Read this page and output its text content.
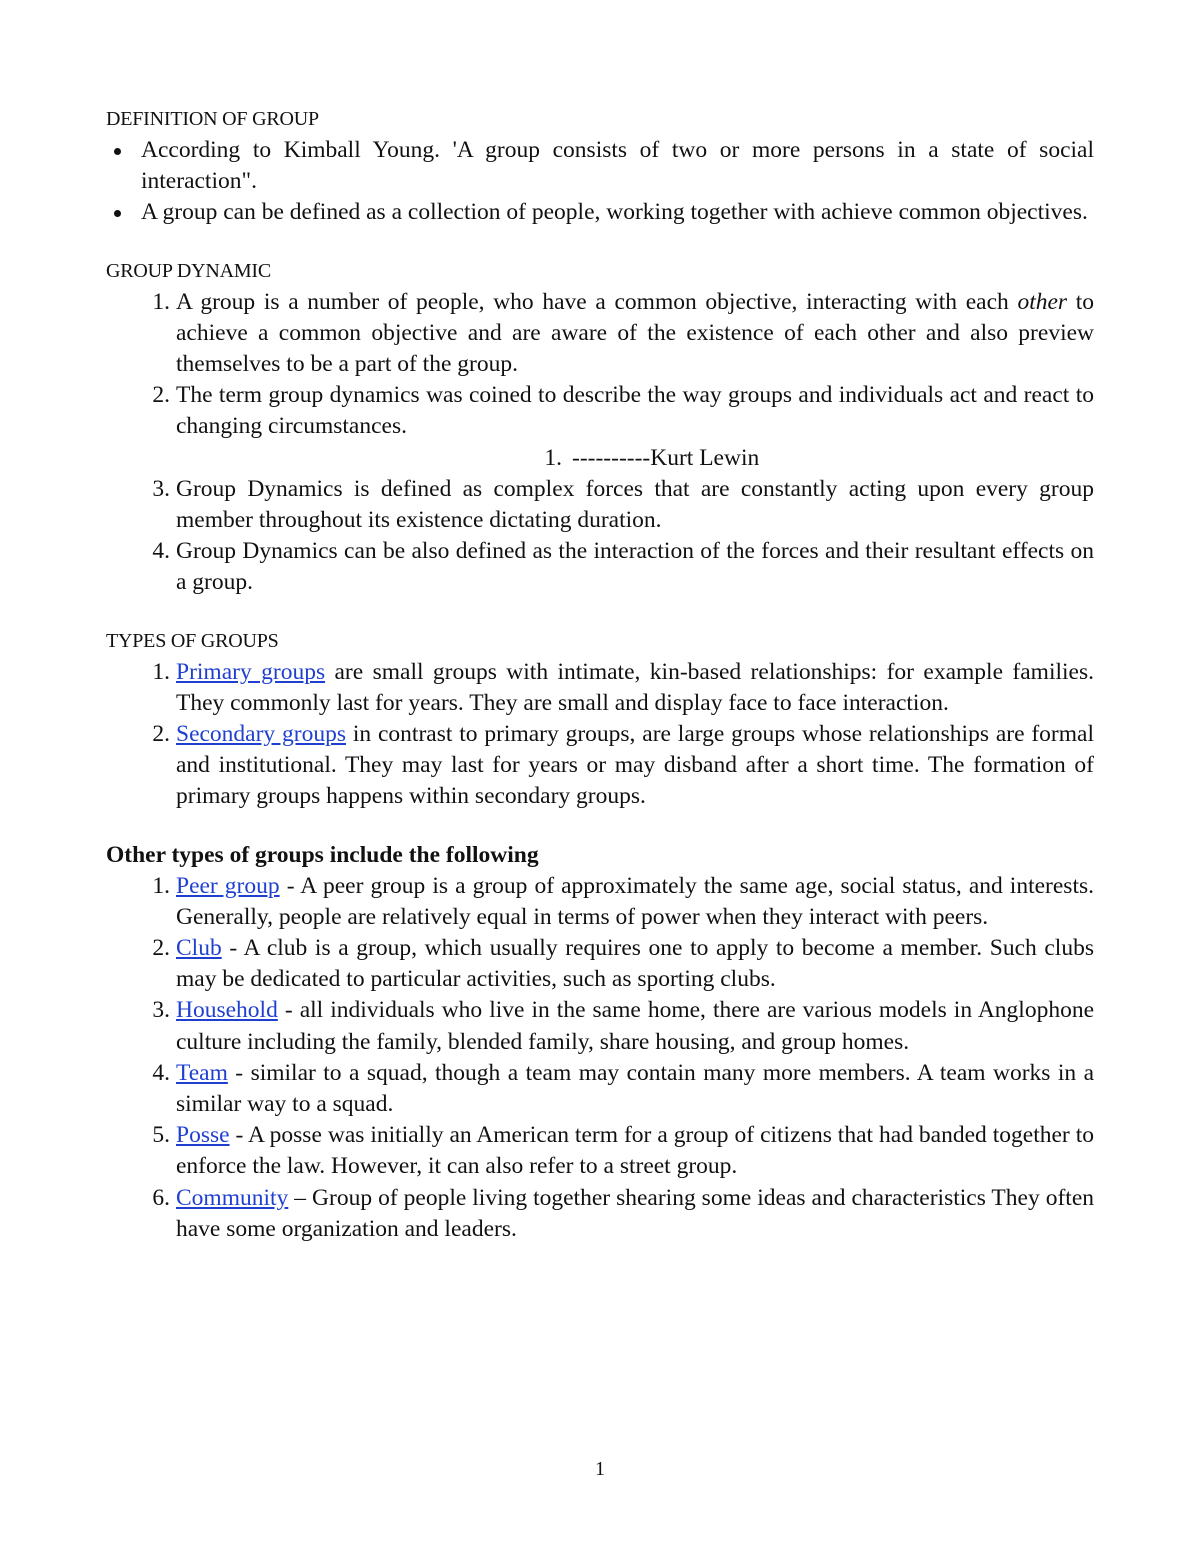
DEFINITION OF GROUP

According to Kimball Young. 'A group consists of two or more persons in a state of social interaction".
A group can be defined as a collection of people, working together with achieve common objectives.

GROUP DYNAMIC

1. A group is a number of people, who have a common objective, interacting with each other to achieve a common objective and are aware of the existence of each other and also preview themselves to be a part of the group.
2. The term group dynamics was coined to describe the way groups and individuals act and react to changing circumstances.
1. ----------Kurt Lewin
3. Group Dynamics is defined as complex forces that are constantly acting upon every group member throughout its existence dictating duration.
4. Group Dynamics can be also defined as the interaction of the forces and their resultant effects on a group.

TYPES OF GROUPS

1. Primary groups are small groups with intimate, kin-based relationships: for example families. They commonly last for years. They are small and display face to face interaction.
2. Secondary groups in contrast to primary groups, are large groups whose relationships are formal and institutional. They may last for years or may disband after a short time. The formation of primary groups happens within secondary groups.

Other types of groups include the following

1. Peer group - A peer group is a group of approximately the same age, social status, and interests. Generally, people are relatively equal in terms of power when they interact with peers.
2. Club - A club is a group, which usually requires one to apply to become a member. Such clubs may be dedicated to particular activities, such as sporting clubs.
3. Household - all individuals who live in the same home, there are various models in Anglophone culture including the family, blended family, share housing, and group homes.
4. Team - similar to a squad, though a team may contain many more members. A team works in a similar way to a squad.
5. Posse - A posse was initially an American term for a group of citizens that had banded together to enforce the law. However, it can also refer to a street group.
6. Community – Group of people living together shearing some ideas and characteristics They often have some organization and leaders.
1
